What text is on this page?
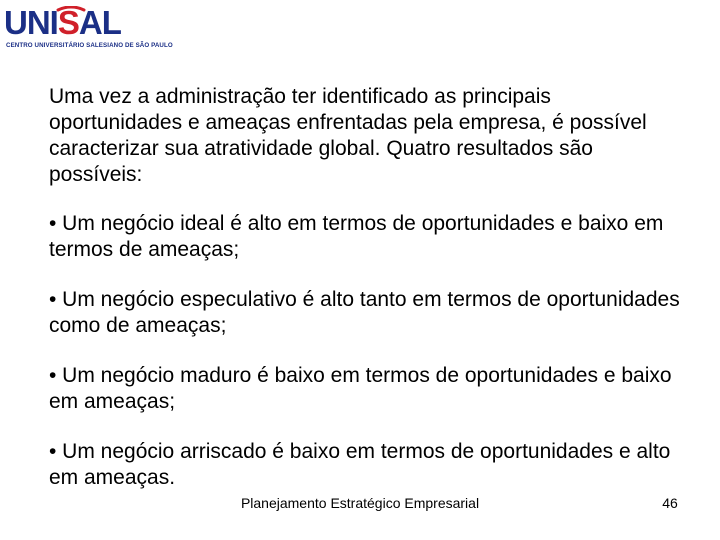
UNISAL
CENTRO UNIVERSITÁRIO SALESIANO DE SÃO PAULO

Uma vez a administração ter identificado as principais oportunidades e ameaças enfrentadas pela empresa, é possível caracterizar sua atratividade global. Quatro resultados são possíveis:

• Um negócio ideal é alto em termos de oportunidades e baixo em termos de ameaças;

• Um negócio especulativo é alto tanto em termos de oportunidades como de ameaças;

• Um negócio maduro é baixo em termos de oportunidades e baixo em ameaças;

• Um negócio arriscado é baixo em termos de oportunidades e alto em ameaças.

Planejamento Estratégico Empresarial	46
